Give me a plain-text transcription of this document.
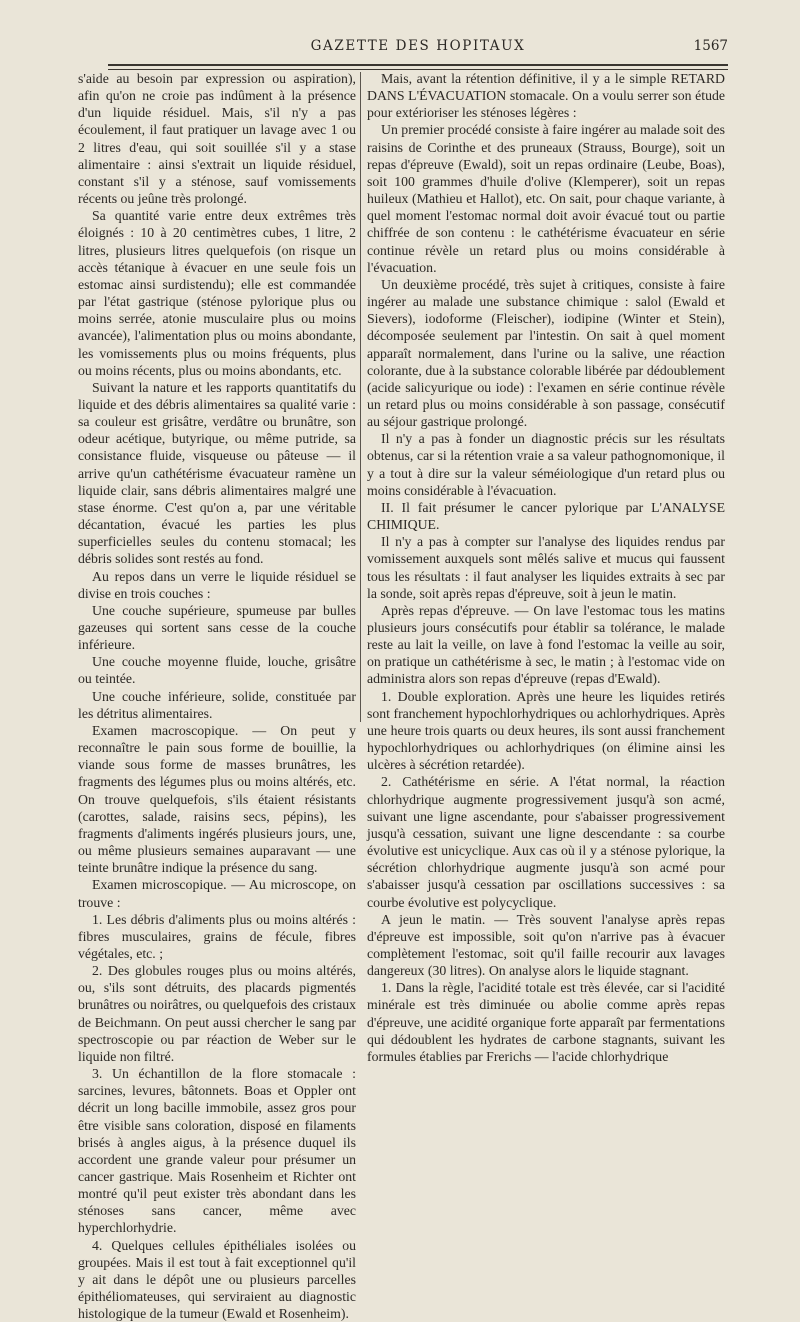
GAZETTE DES HOPITAUX	1567

s'aide au besoin par expression ou aspiration), afin qu'on ne croie pas indûment à la présence d'un liquide résiduel. Mais, s'il n'y a pas écoulement, il faut pratiquer un lavage avec 1 ou 2 litres d'eau, qui soit souillée s'il y a stase alimentaire : ainsi s'extrait un liquide résiduel, constant s'il y a sténose, sauf vomissements récents ou jeûne très prolongé.

Sa quantité varie entre deux extrêmes très éloignés : 10 à 20 centimètres cubes, 1 litre, 2 litres, plusieurs litres quelquefois (on risque un accès tétanique à évacuer en une seule fois un estomac ainsi surdistendu); elle est commandée par l'état gastrique (sténose pylorique plus ou moins serrée, atonie musculaire plus ou moins avancée), l'alimentation plus ou moins abondante, les vomissements plus ou moins fréquents, plus ou moins récents, plus ou moins abondants, etc.

Suivant la nature et les rapports quantitatifs du liquide et des débris alimentaires sa qualité varie : sa couleur est grisâtre, verdâtre ou brunâtre, son odeur acétique, butyrique, ou même putride, sa consistance fluide, visqueuse ou pâteuse — il arrive qu'un cathétérisme évacuateur ramène un liquide clair, sans débris alimentaires malgré une stase énorme. C'est qu'on a, par une véritable décantation, évacué les parties les plus superficielles seules du contenu stomacal; les débris solides sont restés au fond.

Au repos dans un verre le liquide résiduel se divise en trois couches :

Une couche supérieure, spumeuse par bulles gazeuses qui sortent sans cesse de la couche inférieure.

Une couche moyenne fluide, louche, grisâtre ou teintée.

Une couche inférieure, solide, constituée par les détritus alimentaires.

Examen macroscopique. — On peut y reconnaître le pain sous forme de bouillie, la viande sous forme de masses brunâtres, les fragments des légumes plus ou moins altérés, etc. On trouve quelquefois, s'ils étaient résistants (carottes, salade, raisins secs, pépins), les fragments d'aliments ingérés plusieurs jours, une, ou même plusieurs semaines auparavant — une teinte brunâtre indique la présence du sang.

Examen microscopique. — Au microscope, on trouve :

1. Les débris d'aliments plus ou moins altérés : fibres musculaires, grains de fécule, fibres végétales, etc. ;

2. Des globules rouges plus ou moins altérés, ou, s'ils sont détruits, des placards pigmentés brunâtres ou noirâtres, ou quelquefois des cristaux de Beichmann. On peut aussi chercher le sang par spectroscopie ou par réaction de Weber sur le liquide non filtré.

3. Un échantillon de la flore stomacale : sarcines, levures, bâtonnets. Boas et Oppler ont décrit un long bacille immobile, assez gros pour être visible sans coloration, disposé en filaments brisés à angles aigus, à la présence duquel ils accordent une grande valeur pour présumer un cancer gastrique. Mais Rosenheim et Richter ont montré qu'il peut exister très abondant dans les sténoses sans cancer, même avec hyperchlorhydrie.

4. Quelques cellules épithéliales isolées ou groupées. Mais il est tout à fait exceptionnel qu'il y ait dans le dépôt une ou plusieurs parcelles épithéliomateuses, qui serviraient au diagnostic histologique de la tumeur (Ewald et Rosenheim).

Mais, avant la rétention définitive, il y a le simple RETARD DANS L'ÉVACUATION stomacale. On a voulu serrer son étude pour extérioriser les sténoses légères :

Un premier procédé consiste à faire ingérer au malade soit des raisins de Corinthe et des pruneaux (Strauss, Bourge), soit un repas d'épreuve (Ewald), soit un repas ordinaire (Leube, Boas), soit 100 grammes d'huile d'olive (Klemperer), soit un repas huileux (Mathieu et Hallot), etc. On sait, pour chaque variante, à quel moment l'estomac normal doit avoir évacué tout ou partie chiffrée de son contenu : le cathétérisme évacuateur en série continue révèle un retard plus ou moins considérable à l'évacuation.

Un deuxième procédé, très sujet à critiques, consiste à faire ingérer au malade une substance chimique : salol (Ewald et Sievers), iodoforme (Fleischer), iodipine (Winter et Stein), décomposée seulement par l'intestin. On sait à quel moment apparaît normalement, dans l'urine ou la salive, une réaction colorante, due à la substance colorable libérée par dédoublement (acide salicyurique ou iode) : l'examen en série continue révèle un retard plus ou moins considérable à son passage, consécutif au séjour gastrique prolongé.

Il n'y a pas à fonder un diagnostic précis sur les résultats obtenus, car si la rétention vraie a sa valeur pathognomonique, il y a tout à dire sur la valeur séméiologique d'un retard plus ou moins considérable à l'évacuation.

II. Il fait présumer le cancer pylorique par L'ANALYSE CHIMIQUE.

Il n'y a pas à compter sur l'analyse des liquides rendus par vomissement auxquels sont mêlés salive et mucus qui faussent tous les résultats : il faut analyser les liquides extraits à sec par la sonde, soit après repas d'épreuve, soit à jeun le matin.

Après repas d'épreuve. — On lave l'estomac tous les matins plusieurs jours consécutifs pour établir sa tolérance, le malade reste au lait la veille, on lave à fond l'estomac la veille au soir, on pratique un cathétérisme à sec, le matin ; à l'estomac vide on administra alors son repas d'épreuve (repas d'Ewald).

1. Double exploration. Après une heure les liquides retirés sont franchement hypochlorhydriques ou achlorhydriques. Après une heure trois quarts ou deux heures, ils sont aussi franchement hypochlorhydriques ou achlorhydriques (on élimine ainsi les ulcères à sécrétion retardée).

2. Cathétérisme en série. A l'état normal, la réaction chlorhydrique augmente progressivement jusqu'à son acmé, suivant une ligne ascendante, pour s'abaisser progressivement jusqu'à cessation, suivant une ligne descendante : sa courbe évolutive est unicyclique. Aux cas où il y a sténose pylorique, la sécrétion chlorhydrique augmente jusqu'à son acmé pour s'abaisser jusqu'à cessation par oscillations successives : sa courbe évolutive est polycyclique.

A jeun le matin. — Très souvent l'analyse après repas d'épreuve est impossible, soit qu'on n'arrive pas à évacuer complètement l'estomac, soit qu'il faille recourir aux lavages dangereux (30 litres). On analyse alors le liquide stagnant.

1. Dans la règle, l'acidité totale est très élevée, car si l'acidité minérale est très diminuée ou abolie comme après repas d'épreuve, une acidité organique forte apparaît par fermentations qui dédoublent les hydrates de carbone stagnants, suivant les formules établies par Frerichs — l'acide chlorhydrique
